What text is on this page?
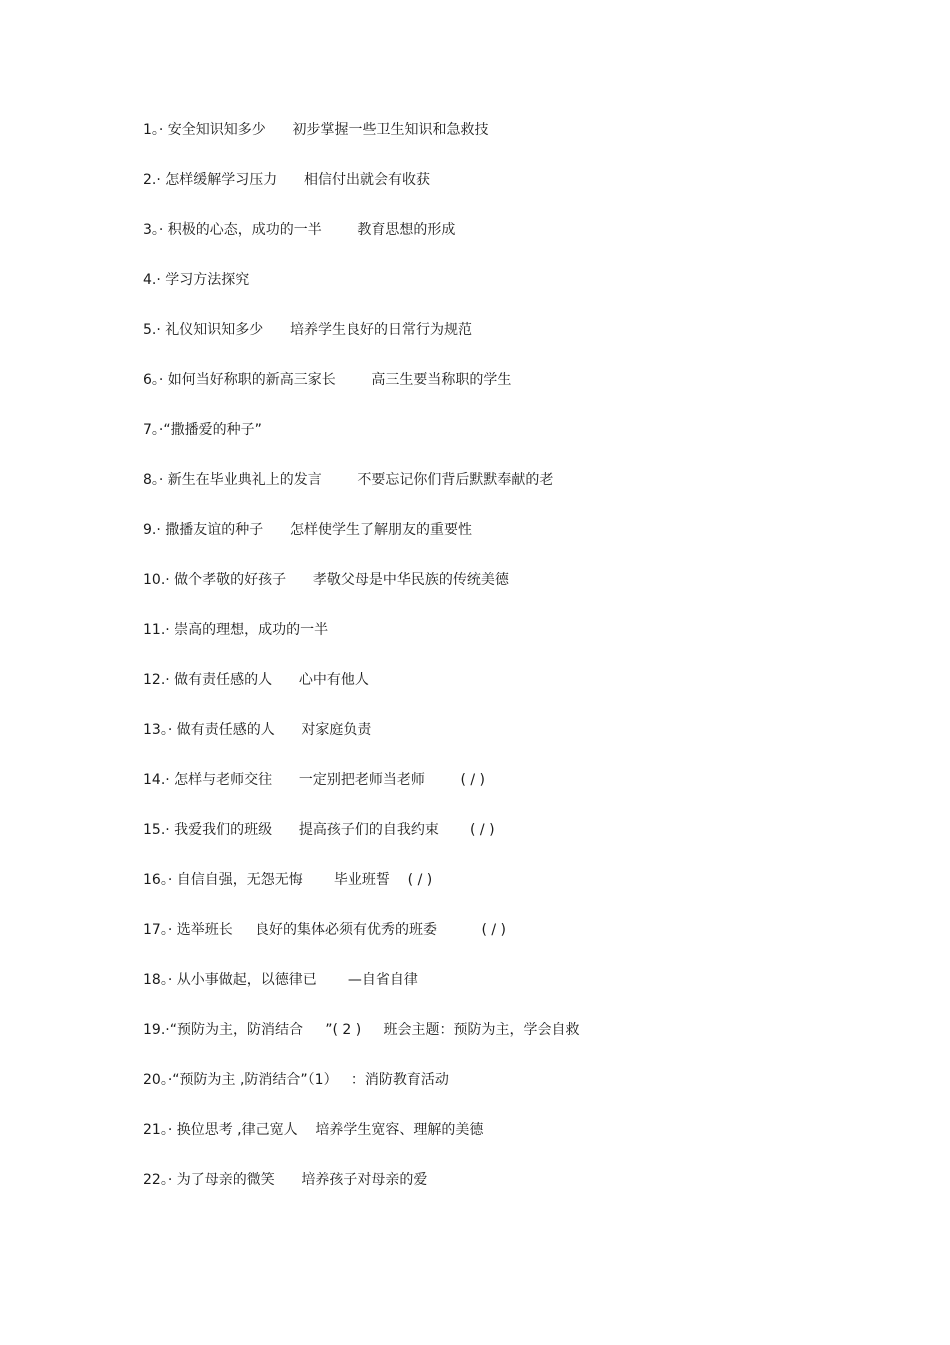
1。· 安全知识知多少      初步掌握一些卫生知识和急救技
2.· 怎样缓解学习压力      相信付出就会有收获
3。· 积极的心态，成功的一半        教育思想的形成
4.· 学习方法探究
5.· 礼仪知识知多少      培养学生良好的日常行为规范
6。· 如何当好称职的新高三家长        高三生要当称职的学生
7。·“撒播爱的种子”
8。· 新生在毕业典礼上的发言        不要忘记你们背后默默奉献的老
9.· 撒播友谊的种子      怎样使学生了解朋友的重要性
10.· 做个孝敬的好孩子      孝敬父母是中华民族的传统美德
11.· 崇高的理想，成功的一半
12.· 做有责任感的人      心中有他人
13。· 做有责任感的人      对家庭负责
14.· 怎样与老师交往      一定别把老师当老师        ( / )
15.· 我爱我们的班级      提高孩子们的自我约束       ( / )
16。· 自信自强，无怨无悔       毕业班誓    ( / )
17。· 选举班长     良好的集体必须有优秀的班委          ( / )
18。· 从小事做起，以德律已       —自省自律
19.·“预防为主，防消结合     ”( 2 )     班会主题：预防为主，学会自救
20。·“预防为主 ,防消结合”（1）   ：消防教育活动
21。· 换位思考 ,律己宽人    培养学生宽容、理解的美德
22。· 为了母亲的微笑      培养孩子对母亲的爱
